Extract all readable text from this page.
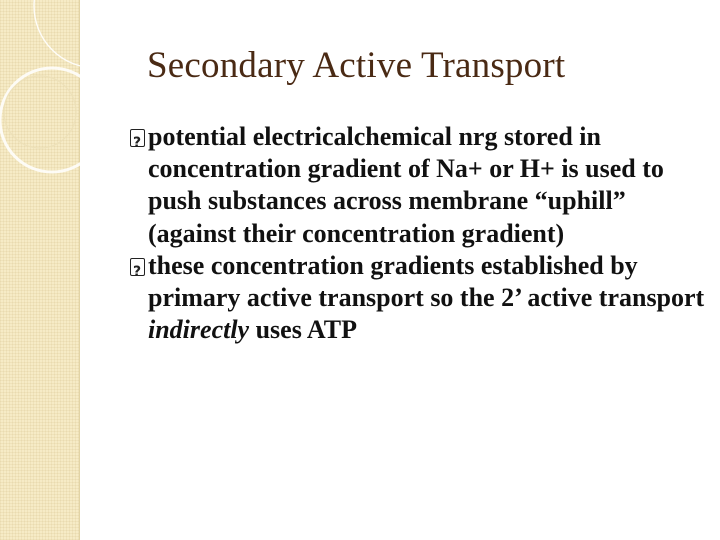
Secondary Active Transport
?
potential electricalchemical nrg stored in concentration gradient of Na+ or H+ is used to push substances across membrane “uphill” (against their concentration gradient)
?
these concentration gradients established by primary active transport so the 2’ active transport indirectly uses ATP
